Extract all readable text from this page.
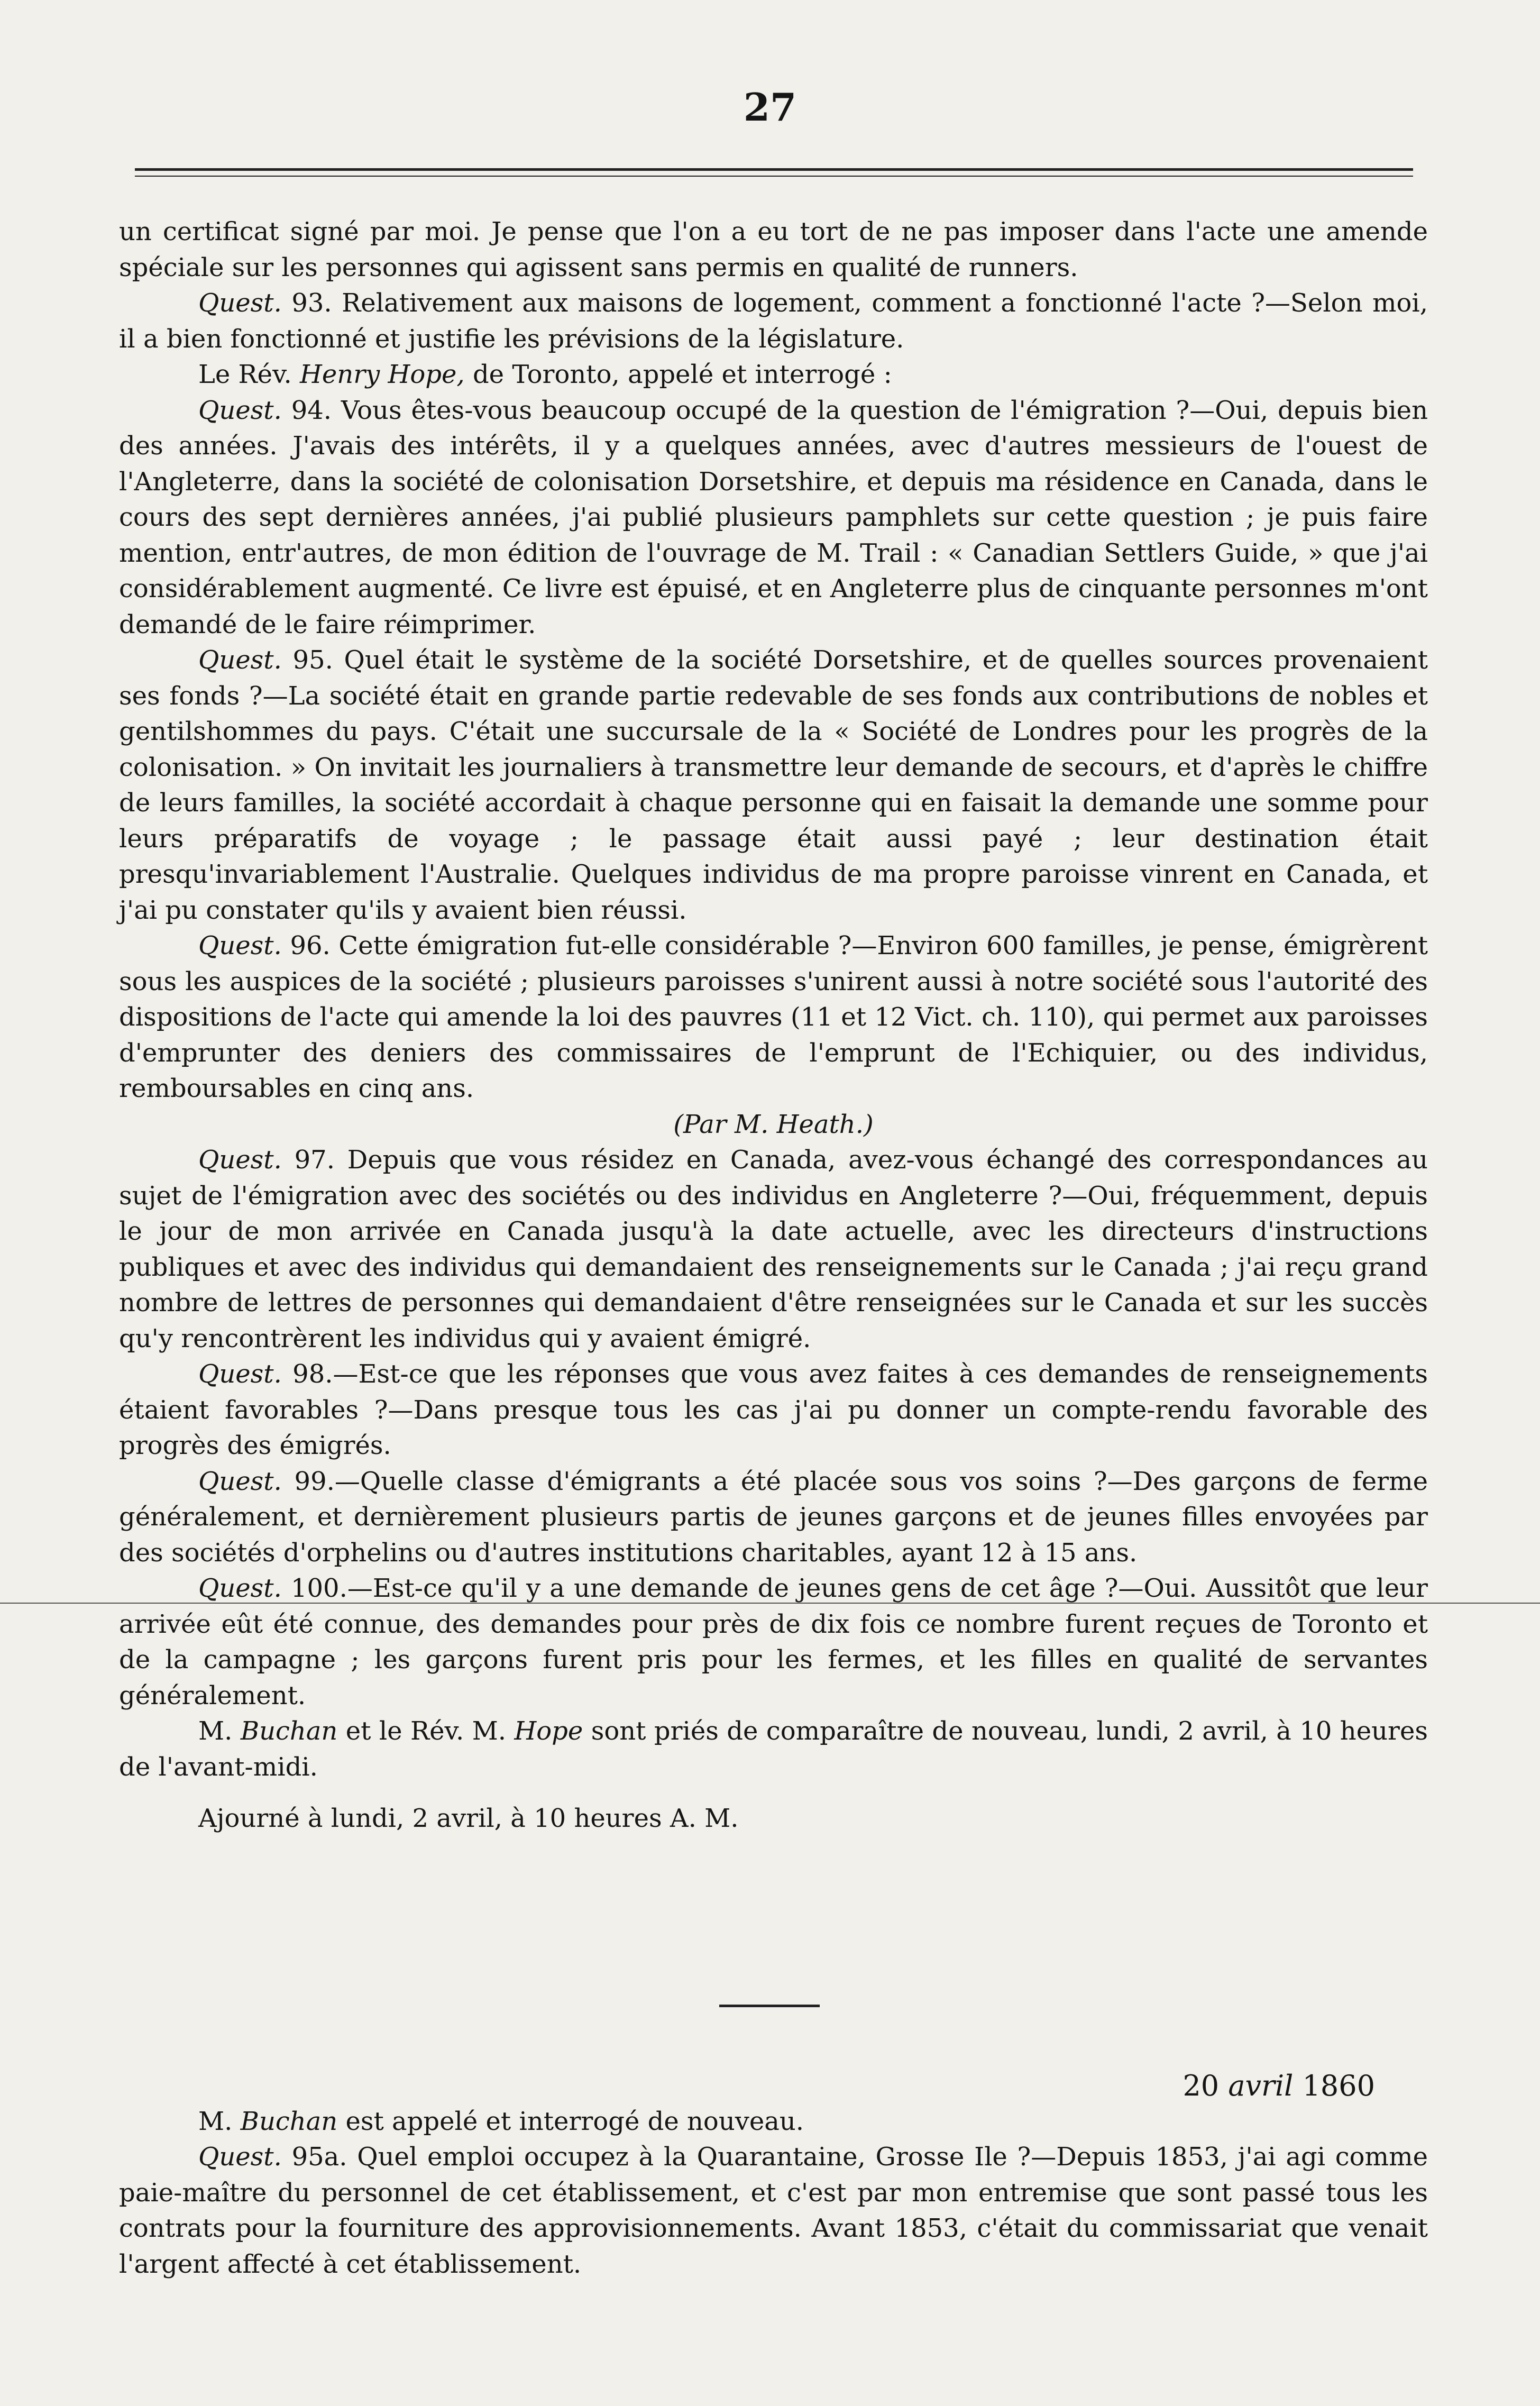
27

un certificat signé par moi. Je pense que l'on a eu tort de ne pas imposer dans l'acte une amende spéciale sur les personnes qui agissent sans permis en qualité de runners.

Quest. 93. Relativement aux maisons de logement, comment a fonctionné l'acte ?—Selon moi, il a bien fonctionné et justifie les prévisions de la législature.

Le Rév. Henry Hope, de Toronto, appelé et interrogé :

Quest. 94. Vous êtes-vous beaucoup occupé de la question de l'émigration ?—Oui, depuis bien des années. J'avais des intérêts, il y a quelques années, avec d'autres messieurs de l'ouest de l'Angleterre, dans la société de colonisation Dorsetshire, et depuis ma résidence en Canada, dans le cours des sept dernières années, j'ai publié plusieurs pamphlets sur cette question ; je puis faire mention, entr'autres, de mon édition de l'ouvrage de M. Trail : « Canadian Settlers Guide, » que j'ai considérablement augmenté. Ce livre est épuisé, et en Angleterre plus de cinquante personnes m'ont demandé de le faire réimprimer.

Quest. 95. Quel était le système de la société Dorsetshire, et de quelles sources provenaient ses fonds ?—La société était en grande partie redevable de ses fonds aux contributions de nobles et gentilshommes du pays. C'était une succursale de la « Société de Londres pour les progrès de la colonisation. » On invitait les journaliers à transmettre leur demande de secours, et d'après le chiffre de leurs familles, la société accordait à chaque personne qui en faisait la demande une somme pour leurs préparatifs de voyage ; le passage était aussi payé ; leur destination était presqu'invariablement l'Australie. Quelques individus de ma propre paroisse vinrent en Canada, et j'ai pu constater qu'ils y avaient bien réussi.

Quest. 96. Cette émigration fut-elle considérable ?—Environ 600 familles, je pense, émigrèrent sous les auspices de la société ; plusieurs paroisses s'unirent aussi à notre société sous l'autorité des dispositions de l'acte qui amende la loi des pauvres (11 et 12 Vict. ch. 110), qui permet aux paroisses d'emprunter des deniers des commissaires de l'emprunt de l'Echiquier, ou des individus, remboursables en cinq ans.

(Par M. Heath.)

Quest. 97. Depuis que vous résidez en Canada, avez-vous échangé des correspondances au sujet de l'émigration avec des sociétés ou des individus en Angleterre ?—Oui, fréquemment, depuis le jour de mon arrivée en Canada jusqu'à la date actuelle, avec les directeurs d'instructions publiques et avec des individus qui demandaient des renseignements sur le Canada ; j'ai reçu grand nombre de lettres de personnes qui demandaient d'être renseignées sur le Canada et sur les succès qu'y rencontrèrent les individus qui y avaient émigré.

Quest. 98.—Est-ce que les réponses que vous avez faites à ces demandes de renseignements étaient favorables ?—Dans presque tous les cas j'ai pu donner un compte-rendu favorable des progrès des émigrés.

Quest. 99.—Quelle classe d'émigrants a été placée sous vos soins ?—Des garçons de ferme généralement, et dernièrement plusieurs partis de jeunes garçons et de jeunes filles envoyées par des sociétés d'orphelins ou d'autres institutions charitables, ayant 12 à 15 ans.

Quest. 100.—Est-ce qu'il y a une demande de jeunes gens de cet âge ?—Oui. Aussitôt que leur arrivée eût été connue, des demandes pour près de dix fois ce nombre furent reçues de Toronto et de la campagne ; les garçons furent pris pour les fermes, et les filles en qualité de servantes généralement.

M. Buchan et le Rév. M. Hope sont priés de comparaître de nouveau, lundi, 2 avril, à 10 heures de l'avant-midi.

Ajourné à lundi, 2 avril, à 10 heures A. M.

20 avril 1860

M. Buchan est appelé et interrogé de nouveau.

Quest. 95a. Quel emploi occupez à la Quarantaine, Grosse Ile ?—Depuis 1853, j'ai agi comme paie-maître du personnel de cet établissement, et c'est par mon entremise que sont passé tous les contrats pour la fourniture des approvisionnements. Avant 1853, c'était du commissariat que venait l'argent affecté à cet établissement.
